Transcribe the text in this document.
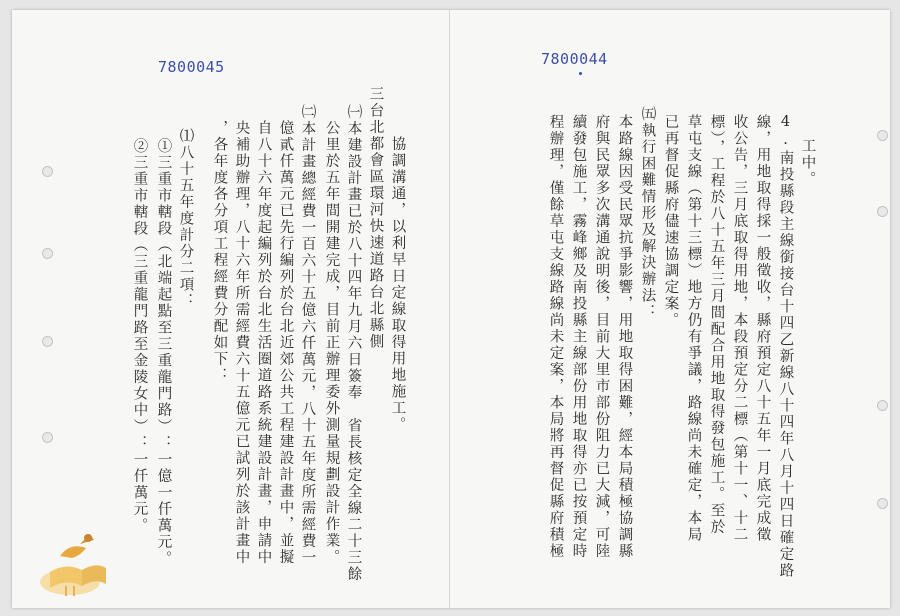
7800045
三台北都會區環河快速道路台北縣側 協調溝通，以利早日定線取得用地施工。
㈠本建設計畫已於八十四年九月六日簽奉　省長核定全線二十三餘
公里於五年間開建完成，目前正辦理委外測量規劃設計作業。
㈡本計畫總經費一百六十五億六仟萬元，八十五年度所需經費一
億貳仟萬元已先行編列於台北近郊公共工程建設計畫中，並擬
自八十六年度起編列於台北生活圈道路系統建設計畫，申請中
央補助辦理，八十六年所需經費六十五億元已試列於該計畫中
，各年度各分項工程經費分配如下：
⑴八十五年度計分二項：
①三重市轄段（北端起點至三重龍門路）：一億一仟萬元。
②三重市轄段（三重龍門路至金陵女中）：一仟萬元。
7800044
工中。
4.南投縣段主線銜接台十四乙新線八十四年八月十四日確定路
線，用地取得採一般徵收，縣府預定八十五年一月底完成徵
收公告，三月底取得用地，本段預定分二標（第十一、十二
標），工程於八十五年三月間配合用地取得發包施工。至於
草屯支線（第十三標）地方仍有爭議，路線尚未確定，本局
已再督促縣府儘速協調定案。
㈤執行困難情形及解決辦法：
本路線因受民眾抗爭影響，用地取得困難，經本局積極協調縣
府與民眾多次溝通說明後，目前大里市部份阻力已大減，可陸
續發包施工，霧峰鄉及南投縣主線部份用地取得亦已按預定時
程辦理，僅餘草屯支線路線尚未定案，本局將再督促縣府積極
